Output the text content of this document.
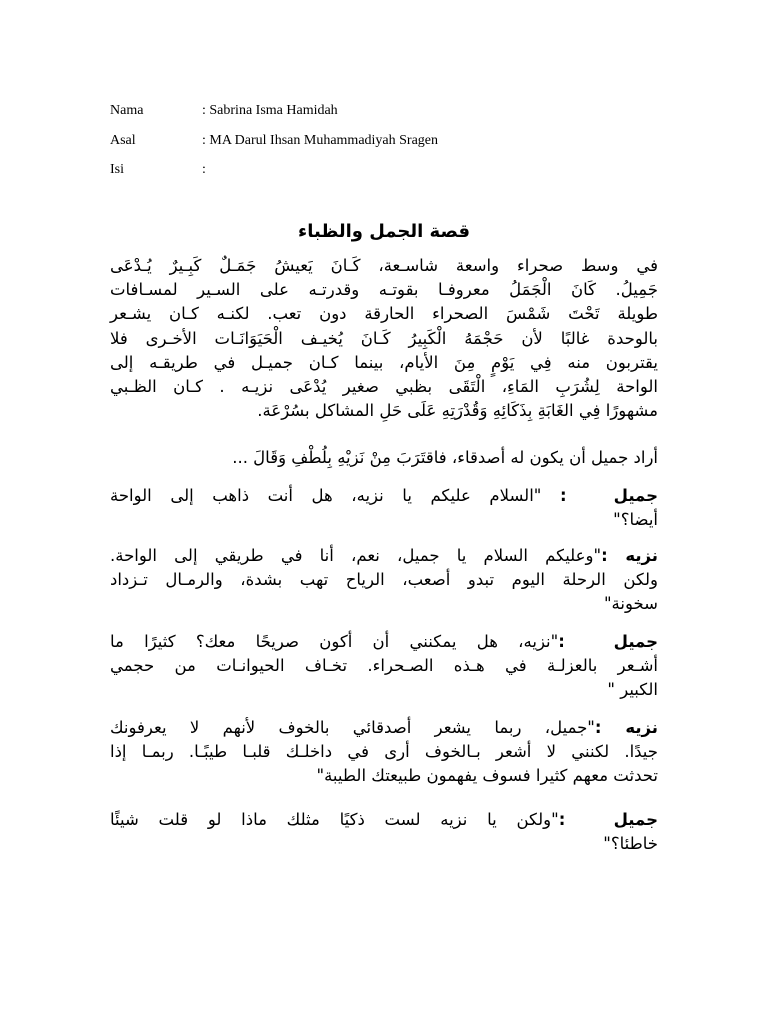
Nama	: Sabrina Isma Hamidah
Asal	: MA Darul Ihsan Muhammadiyah Sragen
Isi	:
قصة الجمل والظباء
في وسط صحراء واسعة شاسـعة، كَـانَ يَعيشُ جَمَـلٌ كَبِـيرٌ يُـدْعَى
جَمِيلُ. كَانَ الْجَمَلُ معروفـا بقوتـه وقدرتـه على السـير لمسـافات
طويلة تَحْتَ شَمْسَ الصحراء الحارقة دون تعب. لكنـه كـان يشـعر
بالوحدة غالبًا لأن حَجْمَهُ الْكَبِيرُ كَـانَ يُخيـف الْحَيَوَانَـات الأخـرى فلا
يقتربون منه فِي يَوْمٍ مِنَ الأيام، بينما كـان جميـل في طريقـه إلى
الواحة لِشُرَبِ المَاءِ، الْتَقَى بظبي صغير يُدْعَى نزيـه . كـان الظـبي
مشهورًا فِي الغَابَةِ بِذَكَائِهِ وَقُدْرَتِهِ عَلَى حَلِ المشاكل بسُرْعَة.
أراد جميل أن يكون له أصدقاء، فاقتَرَبَ مِنْ نَزيْهِ بِلُطْفِ وَقَالَ ...
جميل : "السلام عليكم يا نزيه، هل أنت ذاهب إلى الواحة
أيضا؟"
نزيه :"وعليكم السلام يا جميل، نعم، أنا في طريقي إلى الواحة.
ولكن الرحلة اليوم تبدو أصعب، الرياح تهب بشدة، والرمـال تـزداد
سخونة"
جميل :"نزيه، هل يمكنني أن أكون صريحًا معك؟ كثيرًا ما
أشـعر بالعزلـة في هـذه الصـحراء. تخـاف الحيوانـات من حجمي
الكبير "
نزيه :"جميل، ربما يشعر أصدقائي بالخوف لأنهم لا يعرفونك
جيدًا. لكنني لا أشعر بـالخوف أرى في داخلـك قلبـا طيبًـا. ربمـا إذا
تحدثت معهم كثيرا فسوف يفهمون طبيعتك الطيبة"
جميل :"ولكن يا نزيه لست ذكيًا مثلك ماذا لو قلت شيئًا
خاطئا؟"
